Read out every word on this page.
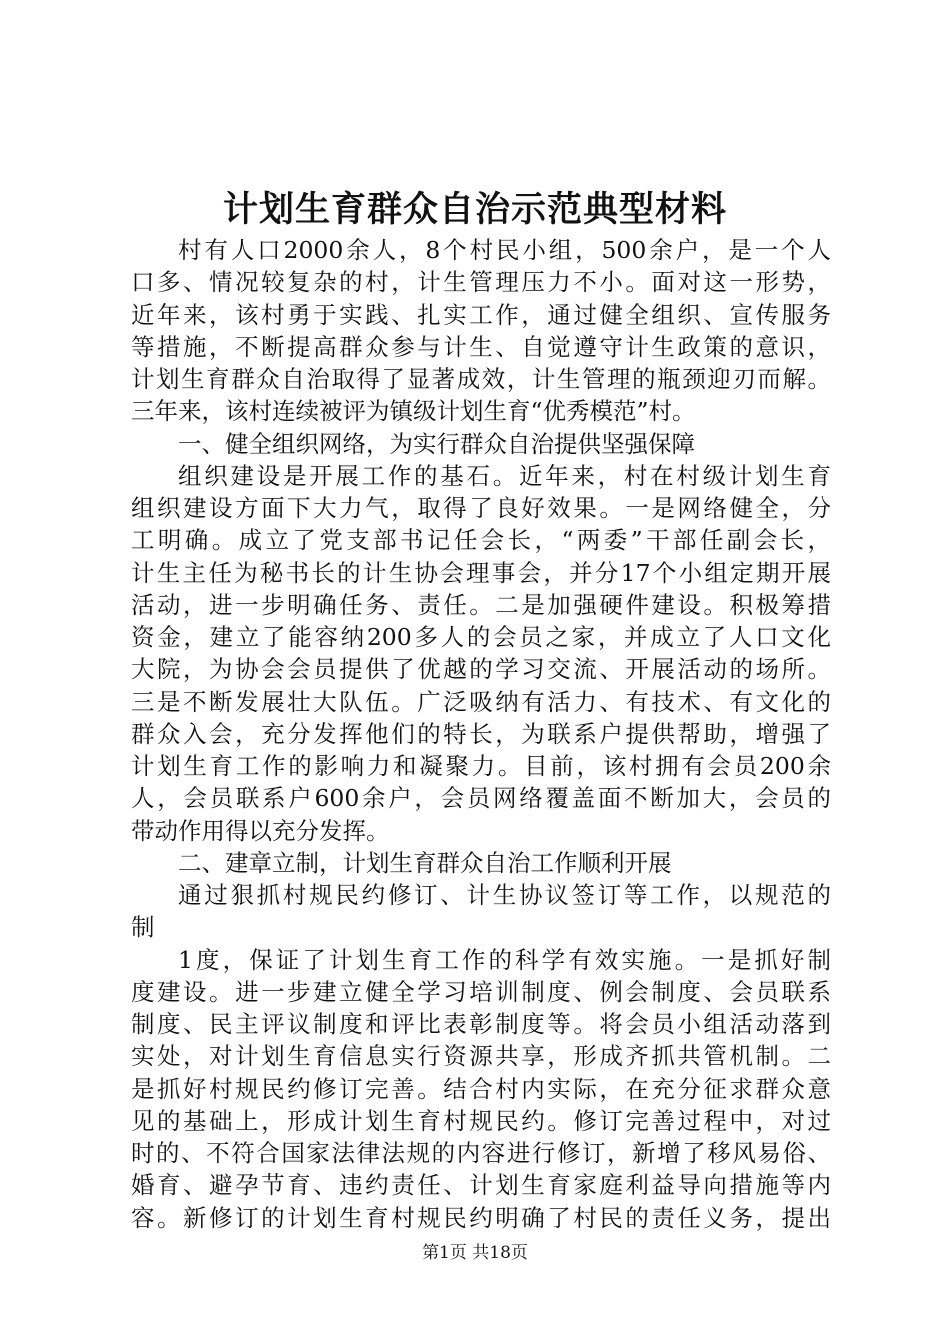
计划生育群众自治示范典型材料
村有人口2000余人，8个村民小组，500余户，是一个人
口多、情况较复杂的村，计生管理压力不小。面对这一形势，
近年来，该村勇于实践、扎实工作，通过健全组织、宣传服务
等措施，不断提高群众参与计生、自觉遵守计生政策的意识，
计划生育群众自治取得了显著成效，计生管理的瓶颈迎刃而解。
三年来，该村连续被评为镇级计划生育“优秀模范”村。
一、健全组织网络，为实行群众自治提供坚强保障
组织建设是开展工作的基石。近年来，村在村级计划生育
组织建设方面下大力气，取得了良好效果。一是网络健全，分
工明确。成立了党支部书记任会长，“两委”干部任副会长，
计生主任为秘书长的计生协会理事会，并分17个小组定期开展
活动，进一步明确任务、责任。二是加强硬件建设。积极筹措
资金，建立了能容纳200多人的会员之家，并成立了人口文化
大院，为协会会员提供了优越的学习交流、开展活动的场所。
三是不断发展壮大队伍。广泛吸纳有活力、有技术、有文化的
群众入会，充分发挥他们的特长，为联系户提供帮助，增强了
计划生育工作的影响力和凝聚力。目前，该村拥有会员200余
人，会员联系户600余户，会员网络覆盖面不断加大，会员的
带动作用得以充分发挥。
二、建章立制，计划生育群众自治工作顺利开展
通过狠抓村规民约修订、计生协议签订等工作，以规范的
制
1度，保证了计划生育工作的科学有效实施。一是抓好制
度建设。进一步建立健全学习培训制度、例会制度、会员联系
制度、民主评议制度和评比表彰制度等。将会员小组活动落到
实处，对计划生育信息实行资源共享，形成齐抓共管机制。二
是抓好村规民约修订完善。结合村内实际，在充分征求群众意
见的基础上，形成计划生育村规民约。修订完善过程中，对过
时的、不符合国家法律法规的内容进行修订，新增了移风易俗、
婚育、避孕节育、违约责任、计划生育家庭利益导向措施等内
容。新修订的计划生育村规民约明确了村民的责任义务，提出
第1页 共18页
